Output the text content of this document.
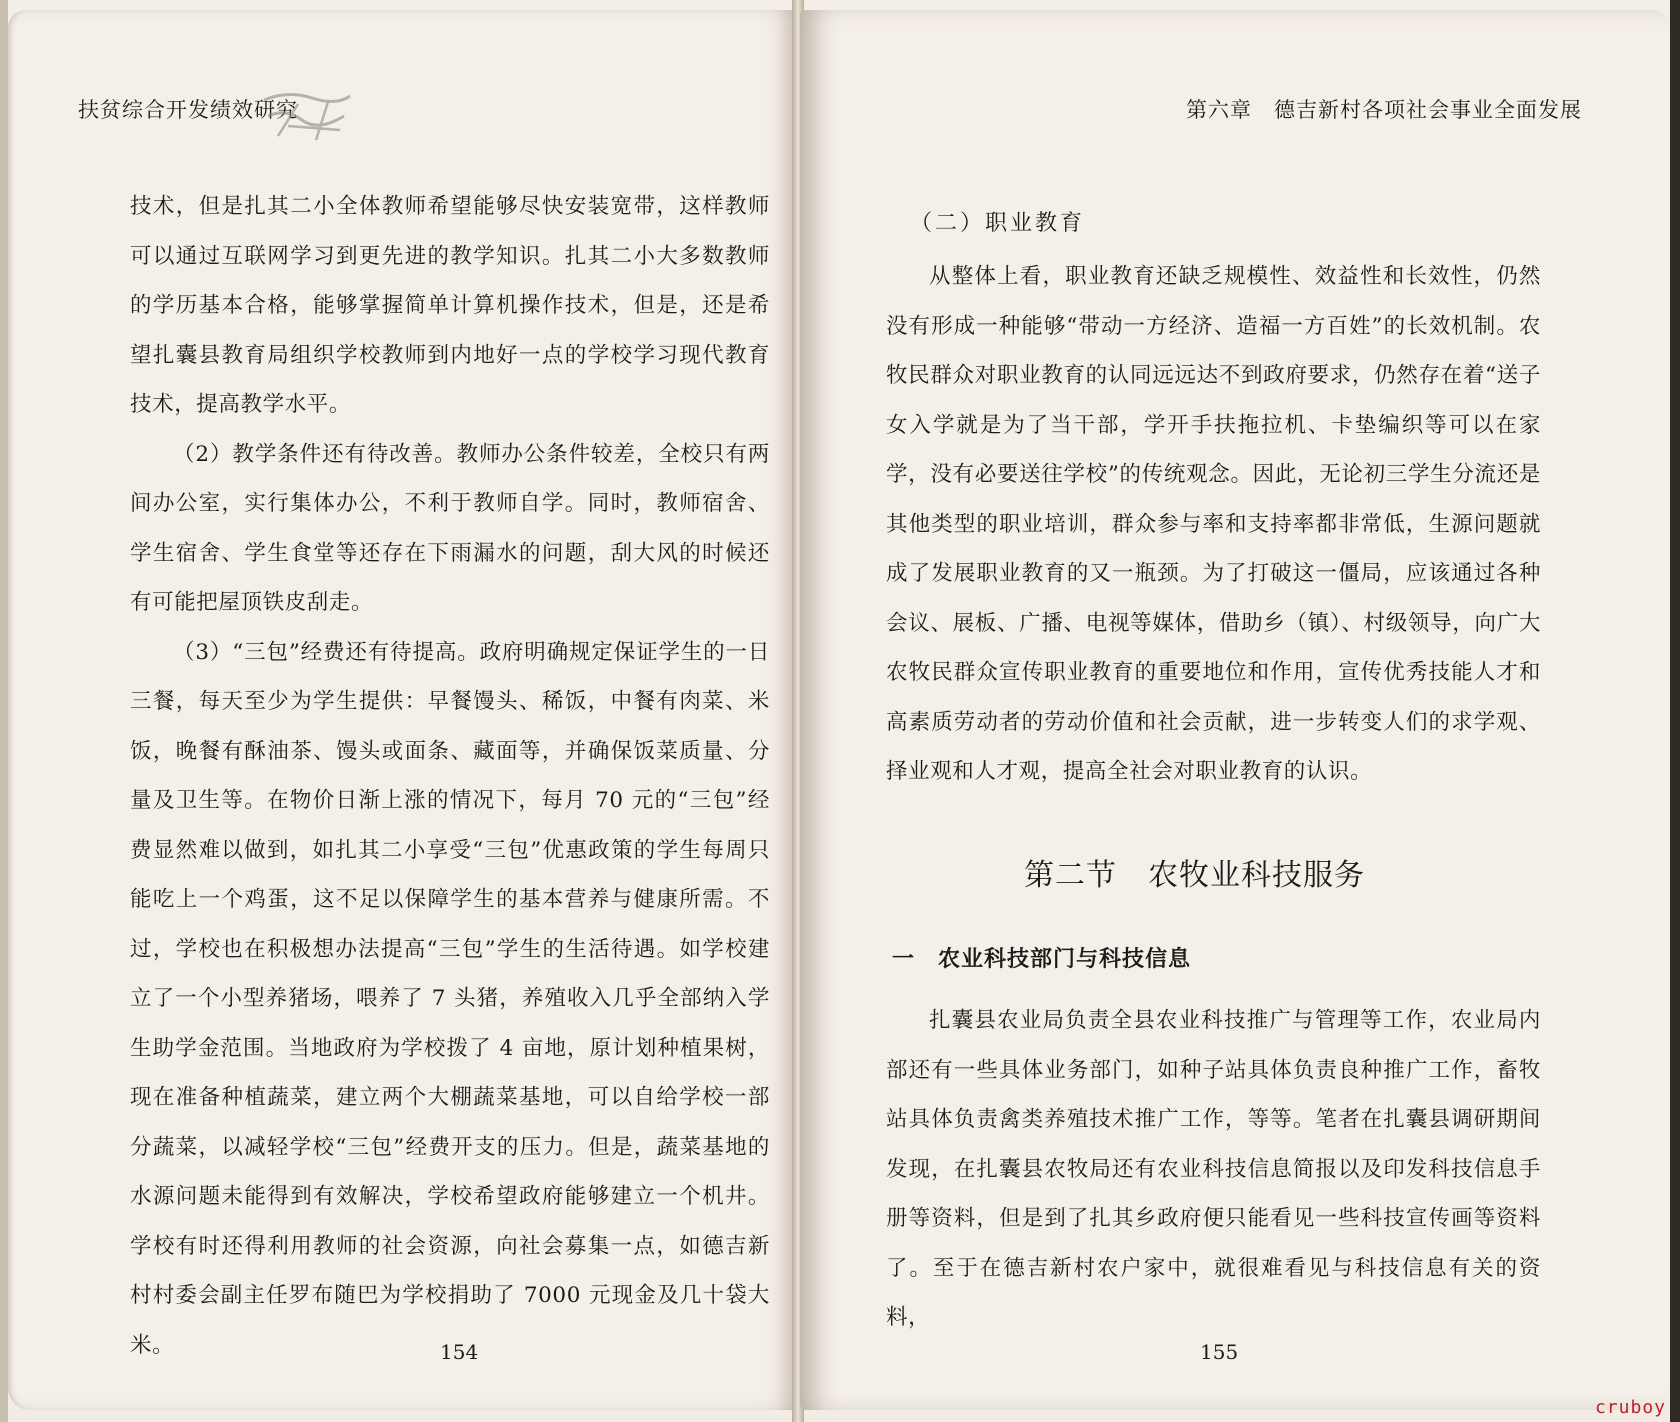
扶贫综合开发绩效研究

技术，但是扎其二小全体教师希望能够尽快安装宽带，这样教师可以通过互联网学习到更先进的教学知识。扎其二小大多数教师的学历基本合格，能够掌握简单计算机操作技术，但是，还是希望扎囊县教育局组织学校教师到内地好一点的学校学习现代教育技术，提高教学水平。

（2）教学条件还有待改善。教师办公条件较差，全校只有两间办公室，实行集体办公，不利于教师自学。同时，教师宿舍、学生宿舍、学生食堂等还存在下雨漏水的问题，刮大风的时候还有可能把屋顶铁皮刮走。

（3）“三包”经费还有待提高。政府明确规定保证学生的一日三餐，每天至少为学生提供：早餐馒头、稀饭，中餐有肉菜、米饭，晚餐有酥油茶、馒头或面条、藏面等，并确保饭菜质量、分量及卫生等。在物价日渐上涨的情况下，每月 70 元的“三包”经费显然难以做到，如扎其二小享受“三包”优惠政策的学生每周只能吃上一个鸡蛋，这不足以保障学生的基本营养与健康所需。不过，学校也在积极想办法提高“三包”学生的生活待遇。如学校建立了一个小型养猪场，喂养了 7 头猪，养殖收入几乎全部纳入学生助学金范围。当地政府为学校拨了 4 亩地，原计划种植果树，现在准备种植蔬菜，建立两个大棚蔬菜基地，可以自给学校一部分蔬菜，以减轻学校“三包”经费开支的压力。但是，蔬菜基地的水源问题未能得到有效解决，学校希望政府能够建立一个机井。学校有时还得利用教师的社会资源，向社会募集一点，如德吉新村村委会副主任罗布随巴为学校捐助了 7000 元现金及几十袋大米。	154
第六章　德吉新村各项社会事业全面发展
（二）职业教育

从整体上看，职业教育还缺乏规模性、效益性和长效性，仍然没有形成一种能够“带动一方经济、造福一方百姓”的长效机制。农牧民群众对职业教育的认同远远达不到政府要求，仍然存在着“送子女入学就是为了当干部，学开手扶拖拉机、卡垫编织等可以在家学，没有必要送往学校”的传统观念。因此，无论初三学生分流还是其他类型的职业培训，群众参与率和支持率都非常低，生源问题就成了发展职业教育的又一瓶颈。为了打破这一僵局，应该通过各种会议、展板、广播、电视等媒体，借助乡（镇）、村级领导，向广大农牧民群众宣传职业教育的重要地位和作用，宣传优秀技能人才和高素质劳动者的劳动价值和社会贡献，进一步转变人们的求学观、择业观和人才观，提高全社会对职业教育的认识。

第二节　农牧业科技服务
一　农业科技部门与科技信息

扎囊县农业局负责全县农业科技推广与管理等工作，农业局内部还有一些具体业务部门，如种子站具体负责良种推广工作，畜牧站具体负责禽类养殖技术推广工作，等等。笔者在扎囊县调研期间发现，在扎囊县农牧局还有农业科技信息简报以及印发科技信息手册等资料，但是到了扎其乡政府便只能看见一些科技宣传画等资料了。至于在德吉新村农户家中，就很难看见与科技信息有关的资料，

155
cruboy
